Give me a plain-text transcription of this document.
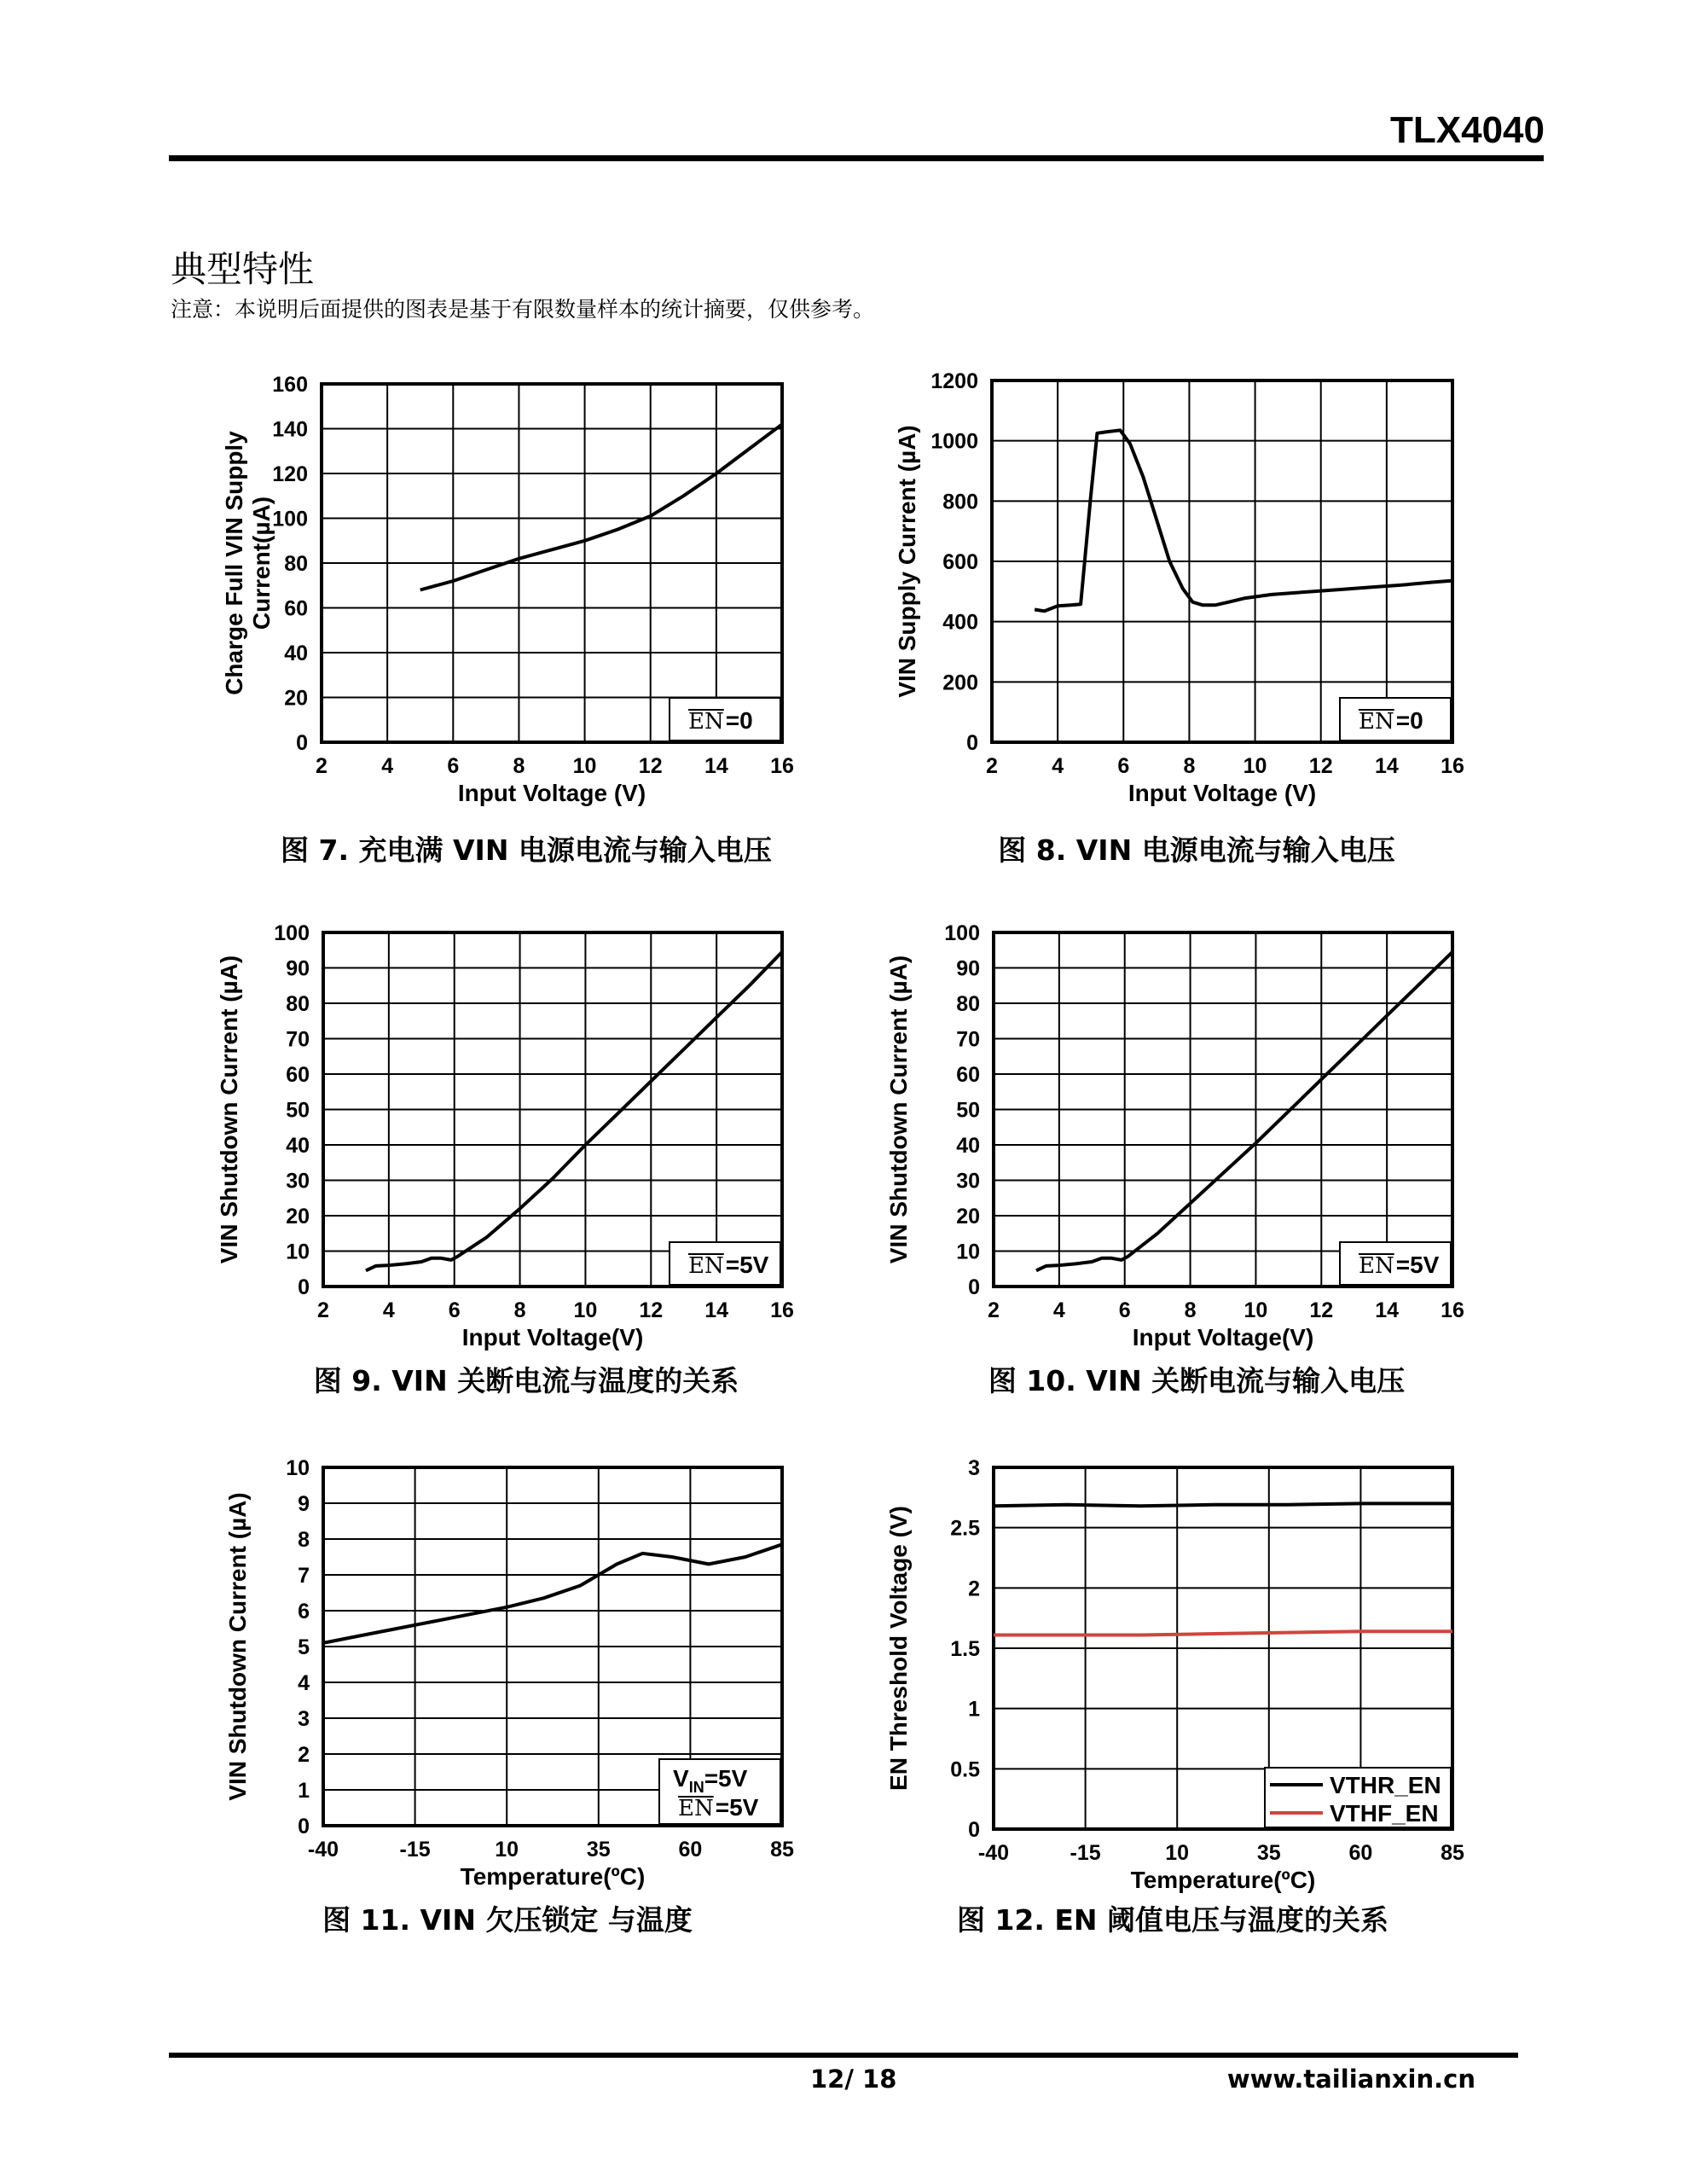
TLX4040
典型特性
注意：本说明后面提供的图表是基于有限数量样本的统计摘要，仅供参考。
2	4	6	8 10 12 14 16
0
20
40
60
80
100
120
140
160
Input Voltage (V)
Charge Full VIN SupplyCurrent(µA)
EN =0
图 7. 充电满 VIN 电源电流与输入电压
2	4	6	8 10 12 14 16
0
200
400
600
800
1000
1200
Input Voltage (V)
VIN Supply Current (µA)
EN =0
图 8. VIN 电源电流与输入电压
2	4	6	8 10 12 14 16
0
10
20
30
40
50
60
70
80
90
100
Input Voltage(V)
VIN Shutdown Current (µA)
EN =5V
图 9. VIN 关断电流与温度的关系
2	4	6	8 10 12 14 16
0
10
20
30
40
50
60
70
80
90
100
Input Voltage(V)
VIN Shutdown Current (µA)
EN =5V
图 10. VIN 关断电流与输入电压
-40	-15	10	35	60	85
0
1
2
3
4
5
6
7
8
9
10
Temperature(ºC)
VIN Shutdown Current (µA)	$V_{IN}=5V$
EN =5V
图 11. VIN 欠压锁定 与温度
-40	-15	10	35	60	85
0
0.5
1
1.5
2
2.5
3
Temperature(ºC)
EN Threshold Voltage (V)	VTHR_EN
VTHF_EN
图 12. EN 阈值电压与温度的关系
12/ 18	www.tailianxin.cn
